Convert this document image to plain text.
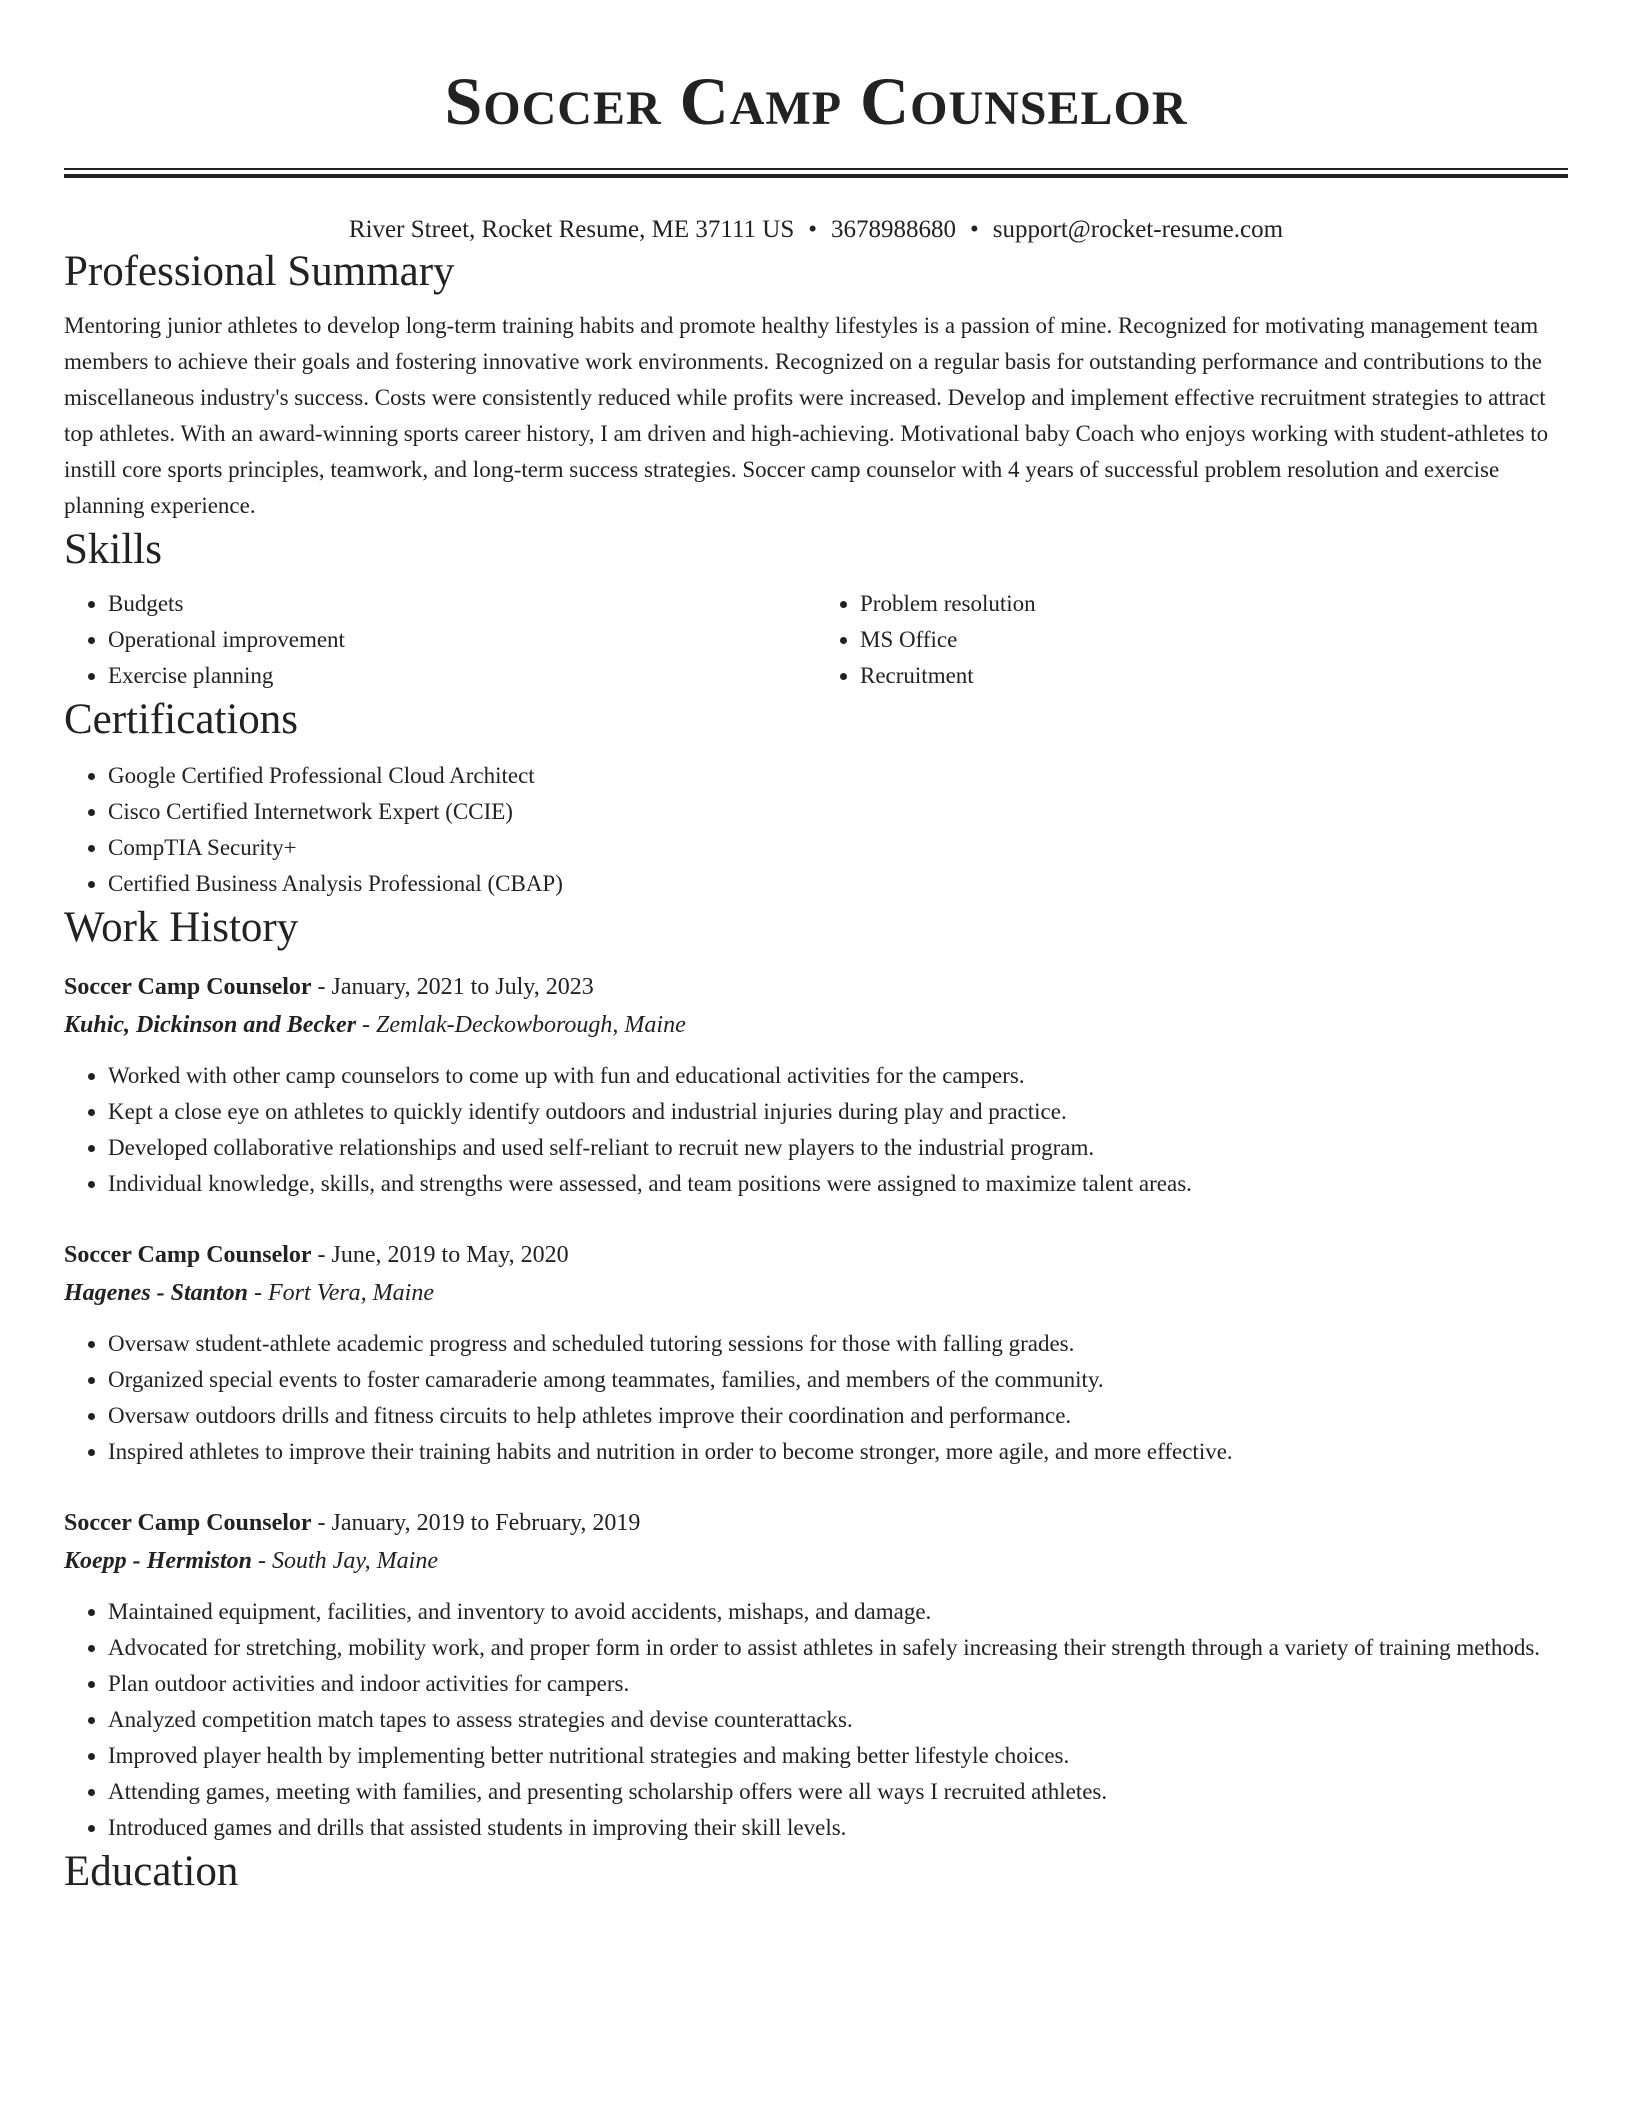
Soccer Camp Counselor
River Street, Rocket Resume, ME 37111 US • 3678988680 • support@rocket-resume.com
Professional Summary

Mentoring junior athletes to develop long-term training habits and promote healthy lifestyles is a passion of mine. Recognized for motivating management team members to achieve their goals and fostering innovative work environments. Recognized on a regular basis for outstanding performance and contributions to the miscellaneous industry's success. Costs were consistently reduced while profits were increased. Develop and implement effective recruitment strategies to attract top athletes. With an award-winning sports career history, I am driven and high-achieving. Motivational baby Coach who enjoys working with student-athletes to instill core sports principles, teamwork, and long-term success strategies. Soccer camp counselor with 4 years of successful problem resolution and exercise planning experience.

Skills
• Budgets
• Operational improvement
• Exercise planning
• Problem resolution
• MS Office
• Recruitment
Certifications
• Google Certified Professional Cloud Architect
• Cisco Certified Internetwork Expert (CCIE)
• CompTIA Security+
• Certified Business Analysis Professional (CBAP)
Work History
Soccer Camp Counselor - January, 2021 to July, 2023
Kuhic, Dickinson and Becker - Zemlak-Deckowborough, Maine
• Worked with other camp counselors to come up with fun and educational activities for the campers.
• Kept a close eye on athletes to quickly identify outdoors and industrial injuries during play and practice.
• Developed collaborative relationships and used self-reliant to recruit new players to the industrial program.
• Individual knowledge, skills, and strengths were assessed, and team positions were assigned to maximize talent areas.
Soccer Camp Counselor - June, 2019 to May, 2020
Hagenes - Stanton - Fort Vera, Maine
• Oversaw student-athlete academic progress and scheduled tutoring sessions for those with falling grades.
• Organized special events to foster camaraderie among teammates, families, and members of the community.
• Oversaw outdoors drills and fitness circuits to help athletes improve their coordination and performance.
• Inspired athletes to improve their training habits and nutrition in order to become stronger, more agile, and more effective.
Soccer Camp Counselor - January, 2019 to February, 2019
Koepp - Hermiston - South Jay, Maine
• Maintained equipment, facilities, and inventory to avoid accidents, mishaps, and damage.
• Advocated for stretching, mobility work, and proper form in order to assist athletes in safely increasing their strength through a variety of training methods.
• Plan outdoor activities and indoor activities for campers.
• Analyzed competition match tapes to assess strategies and devise counterattacks.
• Improved player health by implementing better nutritional strategies and making better lifestyle choices.
• Attending games, meeting with families, and presenting scholarship offers were all ways I recruited athletes.
• Introduced games and drills that assisted students in improving their skill levels.
Education
